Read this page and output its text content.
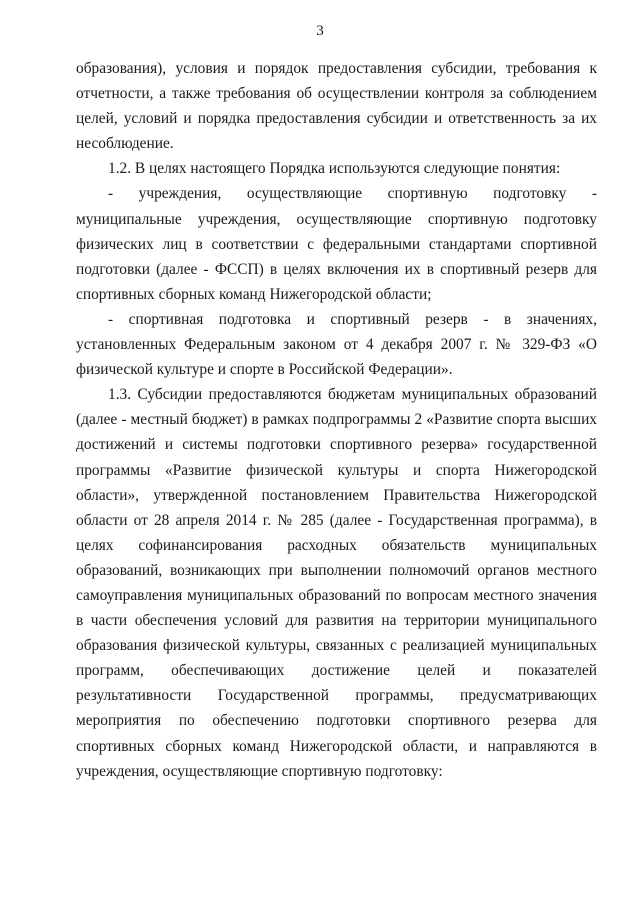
3

образования), условия и порядок предоставления субсидии, требования к отчетности, а также требования об осуществлении контроля за соблюдением целей, условий и порядка предоставления субсидии и ответственность за их несоблюдение.

1.2. В целях настоящего Порядка используются следующие понятия:

- учреждения, осуществляющие спортивную подготовку - муниципальные учреждения, осуществляющие спортивную подготовку физических лиц в соответствии с федеральными стандартами спортивной подготовки (далее - ФССП) в целях включения их в спортивный резерв для спортивных сборных команд Нижегородской области;

- спортивная подготовка и спортивный резерв - в значениях, установленных Федеральным законом от 4 декабря 2007 г. № 329-ФЗ «О физической культуре и спорте в Российской Федерации».

1.3. Субсидии предоставляются бюджетам муниципальных образований (далее - местный бюджет) в рамках подпрограммы 2 «Развитие спорта высших достижений и системы подготовки спортивного резерва» государственной программы «Развитие физической культуры и спорта Нижегородской области», утвержденной постановлением Правительства Нижегородской области от 28 апреля 2014 г. № 285 (далее - Государственная программа), в целях софинансирования расходных обязательств муниципальных образований, возникающих при выполнении полномочий органов местного самоуправления муниципальных образований по вопросам местного значения в части обеспечения условий для развития на территории муниципального образования физической культуры, связанных с реализацией муниципальных программ, обеспечивающих достижение целей и показателей результативности Государственной программы, предусматривающих мероприятия по обеспечению подготовки спортивного резерва для спортивных сборных команд Нижегородской области, и направляются в учреждения, осуществляющие спортивную подготовку:
